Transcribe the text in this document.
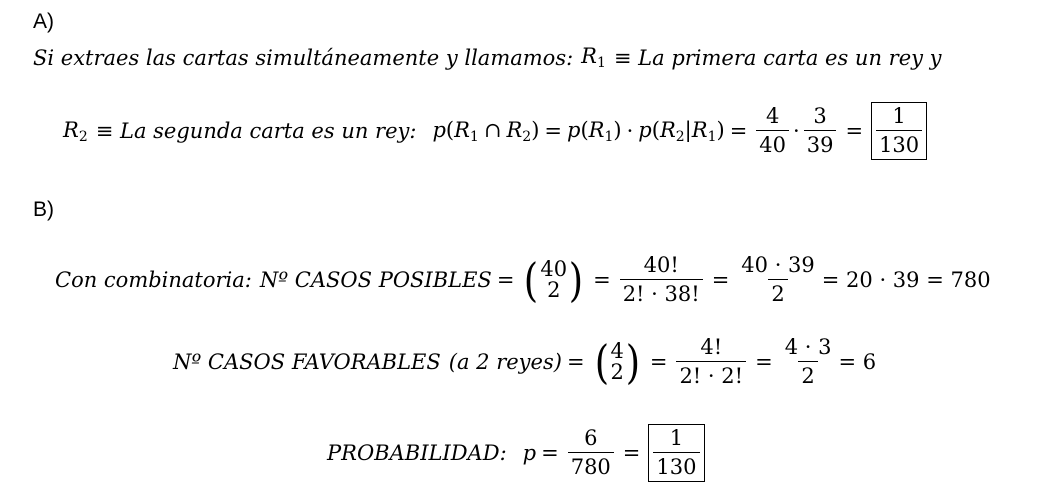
A)
Si extraes las cartas simultáneamente y llamamos: $R_1 \equiv La$ primera carta es un rey y
$R_2 \equiv La$ segunda carta es un rey: $p(R_1$ ∩ $R_2) = p(R_1) \cdot p(R_2|R_1) = \frac{4}{40} \cdot \frac{3}{39} = \frac{1}{130}$
B)
Con combinatoria: Nº CASOS POSIBLES = ( 40
2 ) = $\frac{40!}{2! \cdot 38!} = \frac{40 \cdot 39}{2} = 20 \cdot 39 = 780$
Nº CASOS FAVORABLES (a 2 reyes) = ( 4
2 ) = $\frac{4!}{2! \cdot 2!} = \frac{4 \cdot 3}{2} = 6$
PROBABILIDAD: $p = \frac{6}{780} = \frac{1}{130}$
